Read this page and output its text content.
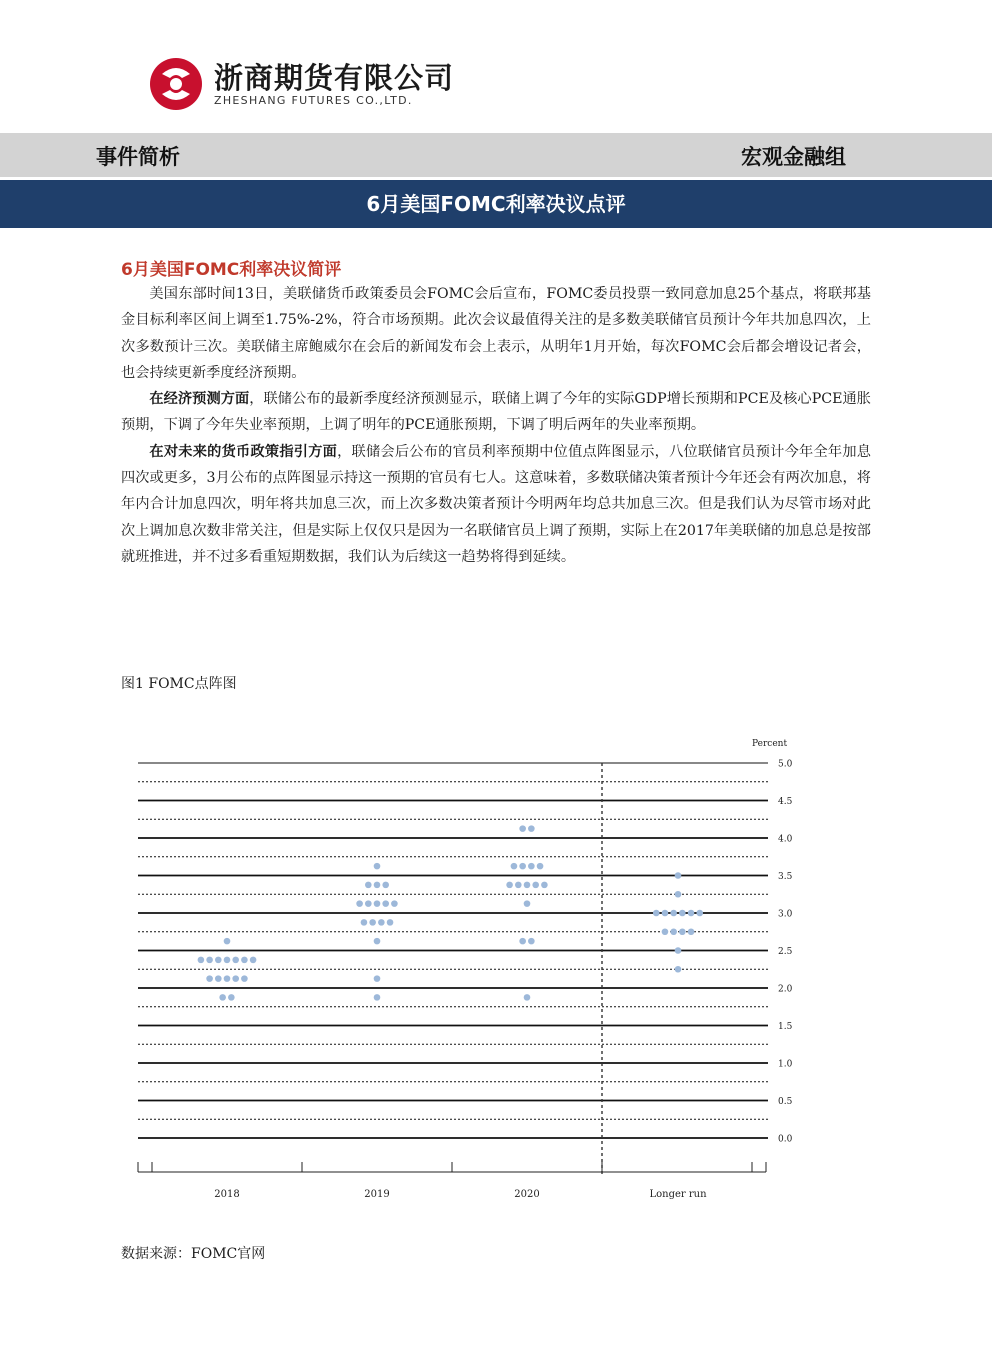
浙商期货有限公司
ZHESHANG FUTURES CO.,LTD.
事件简析	宏观金融组
6月美国FOMC利率决议点评
6月美国FOMC利率决议简评

美国东部时间13日，美联储货币政策委员会FOMC会后宣布，FOMC委员投票一致同意加息25个基点，将联邦基金目标利率区间上调至1.75%-2%，符合市场预期。此次会议最值得关注的是多数美联储官员预计今年共加息四次，上次多数预计三次。美联储主席鲍威尔在会后的新闻发布会上表示，从明年1月开始，每次FOMC会后都会增设记者会，也会持续更新季度经济预期。

在经济预测方面，联储公布的最新季度经济预测显示，联储上调了今年的实际GDP增长预期和PCE及核心PCE通胀预期，下调了今年失业率预期，上调了明年的PCE通胀预期，下调了明后两年的失业率预期。

在对未来的货币政策指引方面，联储会后公布的官员利率预期中位值点阵图显示，八位联储官员预计今年全年加息四次或更多，3月公布的点阵图显示持这一预期的官员有七人。这意味着，多数联储决策者预计今年还会有两次加息，将年内合计加息四次，明年将共加息三次，而上次多数决策者预计今明两年均总共加息三次。但是我们认为尽管市场对此次上调加息次数非常关注，但是实际上仅仅只是因为一名联储官员上调了预期，实际上在2017年美联储的加息总是按部就班推进，并不过多看重短期数据，我们认为后续这一趋势将得到延续。

图1 FOMC点阵图
0.0
0.5
1.0
1.5
2.0
2.5
3.0
3.5
4.0
4.5
5.0
Percent
2018	2019	2020	Longer run
数据来源：FOMC官网
